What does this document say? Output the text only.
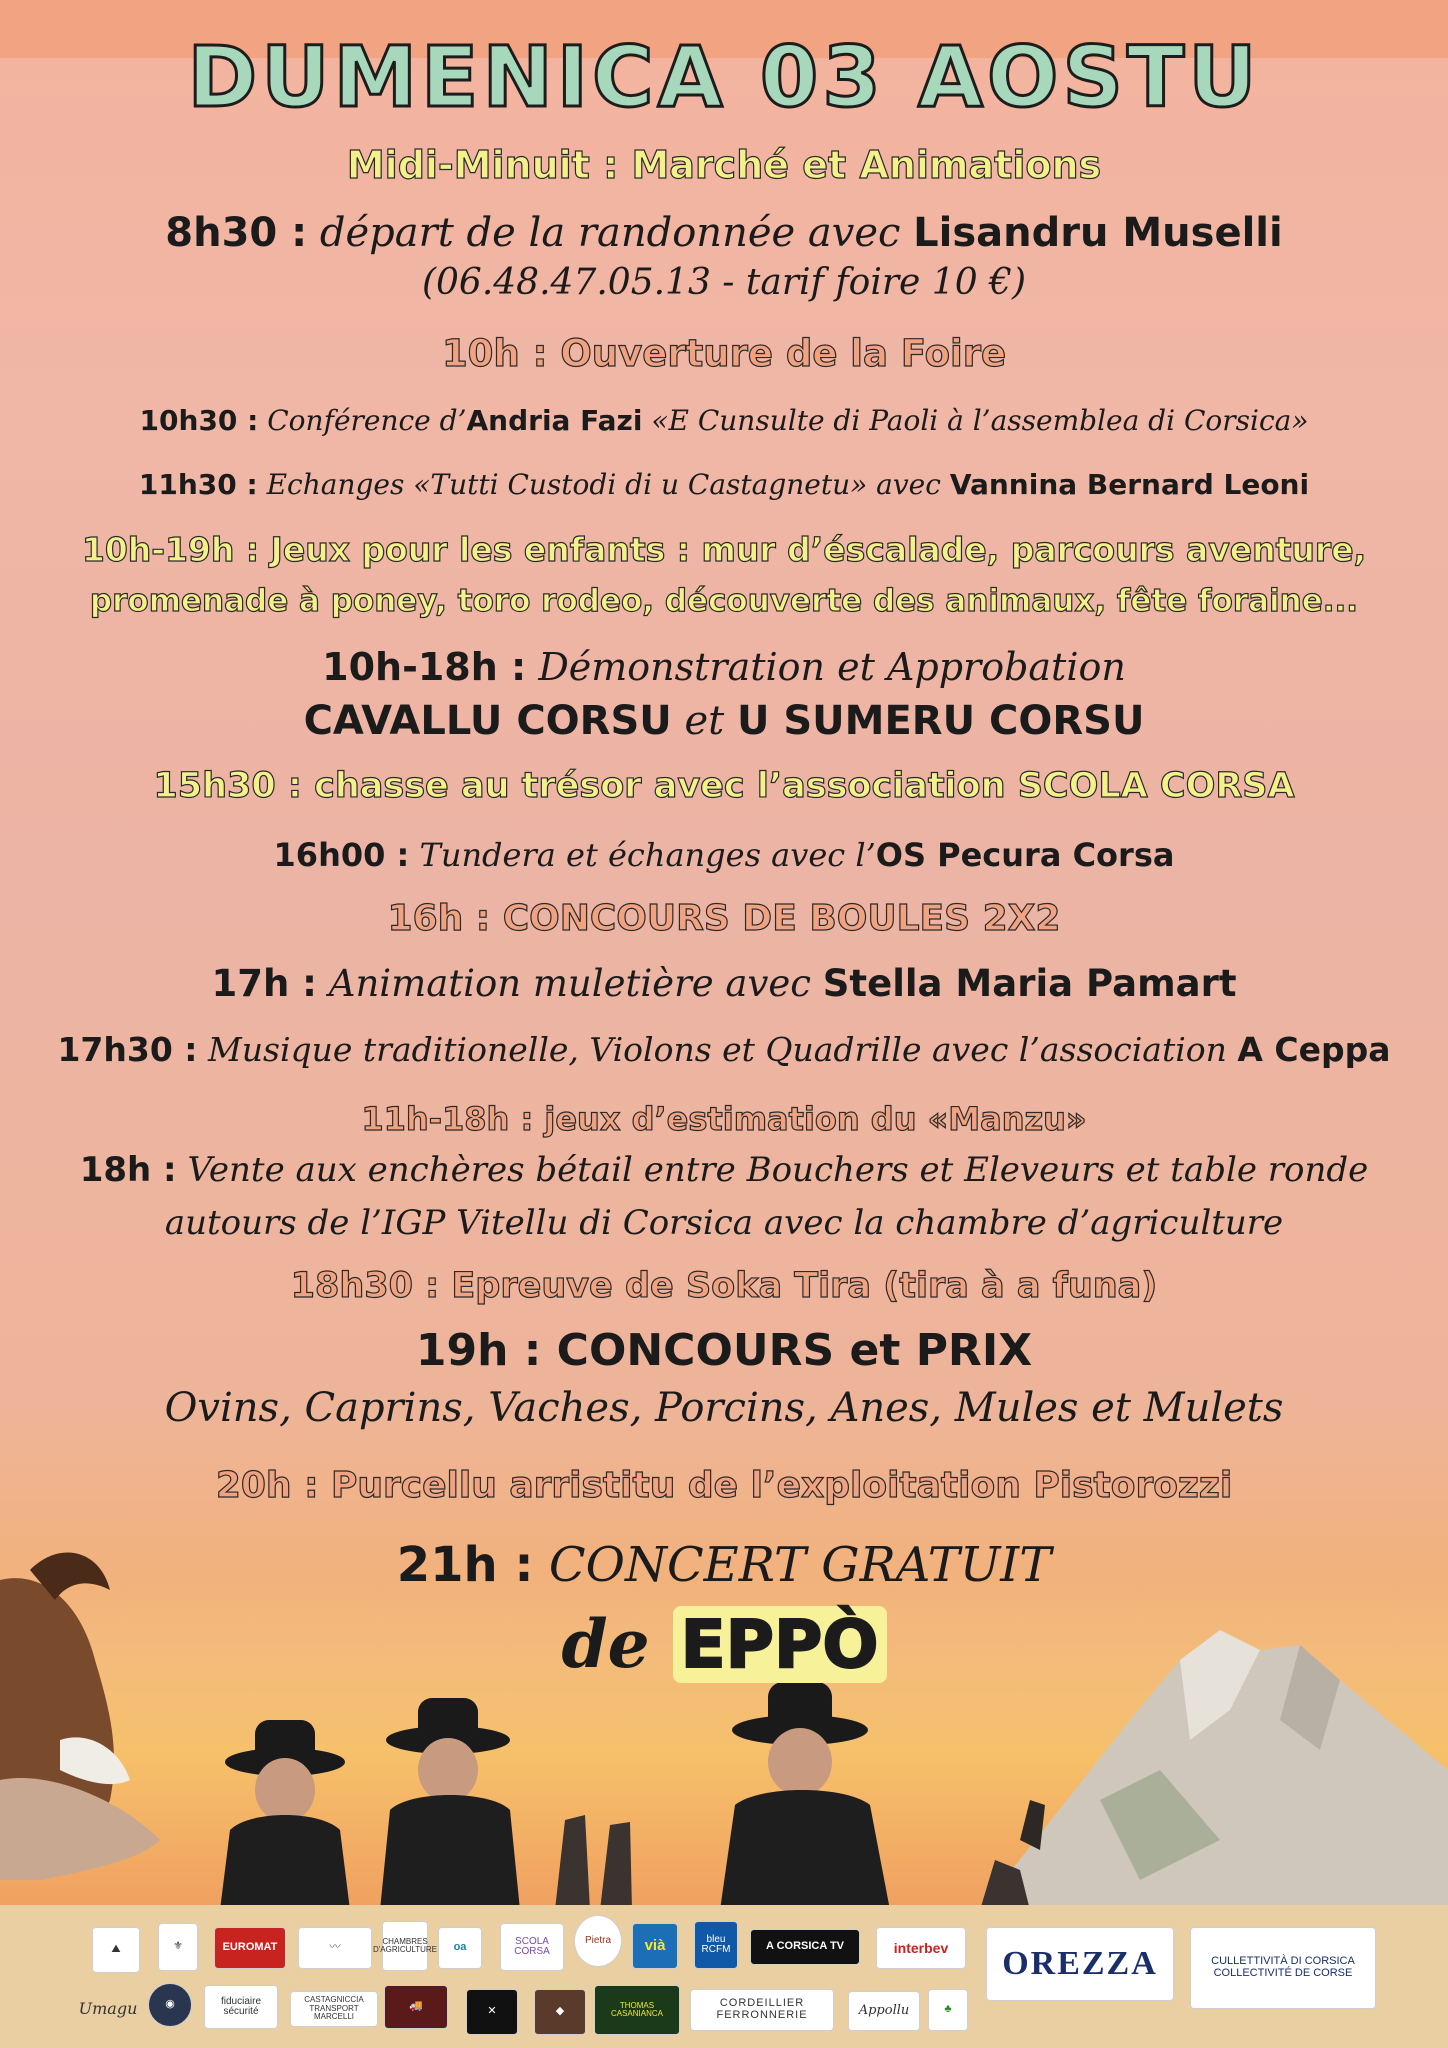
DUMENICA 03 AOSTU
Midi-Minuit : Marché et Animations
8h30 : départ de la randonnée avec Lisandru Muselli
(06.48.47.05.13 - tarif foire 10 €)
10h : Ouverture de la Foire
10h30 : Conférence d’Andria Fazi «E Cunsulte di Paoli à l’assemblea di Corsica»
11h30 : Echanges «Tutti Custodi di u Castagnetu» avec Vannina Bernard Leoni
10h-19h : Jeux pour les enfants : mur d’éscalade, parcours aventure,
promenade à poney, toro rodeo, découverte des animaux, fête foraine...
10h-18h : Démonstration et Approbation
CAVALLU CORSU et U SUMERU CORSU
15h30 : chasse au trésor avec l’association SCOLA CORSA
16h00 : Tundera et échanges avec l’OS Pecura Corsa
16h : CONCOURS DE BOULES 2X2
17h : Animation muletière avec Stella Maria Pamart
17h30 : Musique traditionelle, Violons et Quadrille avec l’association A Ceppa
11h-18h : jeux d’estimation du «Manzu»
18h : Vente aux enchères bétail entre Bouchers et Eleveurs et table ronde
autours de l’IGP Vitellu di Corsica avec la chambre d’agriculture
18h30 : Epreuve de Soka Tira (tira à a funa)
19h : CONCOURS et PRIX
Ovins, Caprins, Vaches, Porcins, Anes, Mules et Mulets
20h : Purcellu arristitu de l’exploitation Pistorozzi
21h : CONCERT GRATUIT
de EPPÒ
⛰	⚜	EUROMAT	〰
CHAMBRES D'AGRICULTURE	oa
SCOLA CORSA
Pietra	vià	bleu RCFM	A CORSICA TV	interbev	OREZZA	CULLETTIVITÀ DI CORSICA
COLLECTIVITÉ DE CORSE
Umagu	◉	fiduciaire sécurité
CASTAGNICCIA TRANSPORT MARCELLI
🚚	✕	◆
THOMAS CASANIANCA
CORDEILLIER FERRONNERIE	Appollu	♣
